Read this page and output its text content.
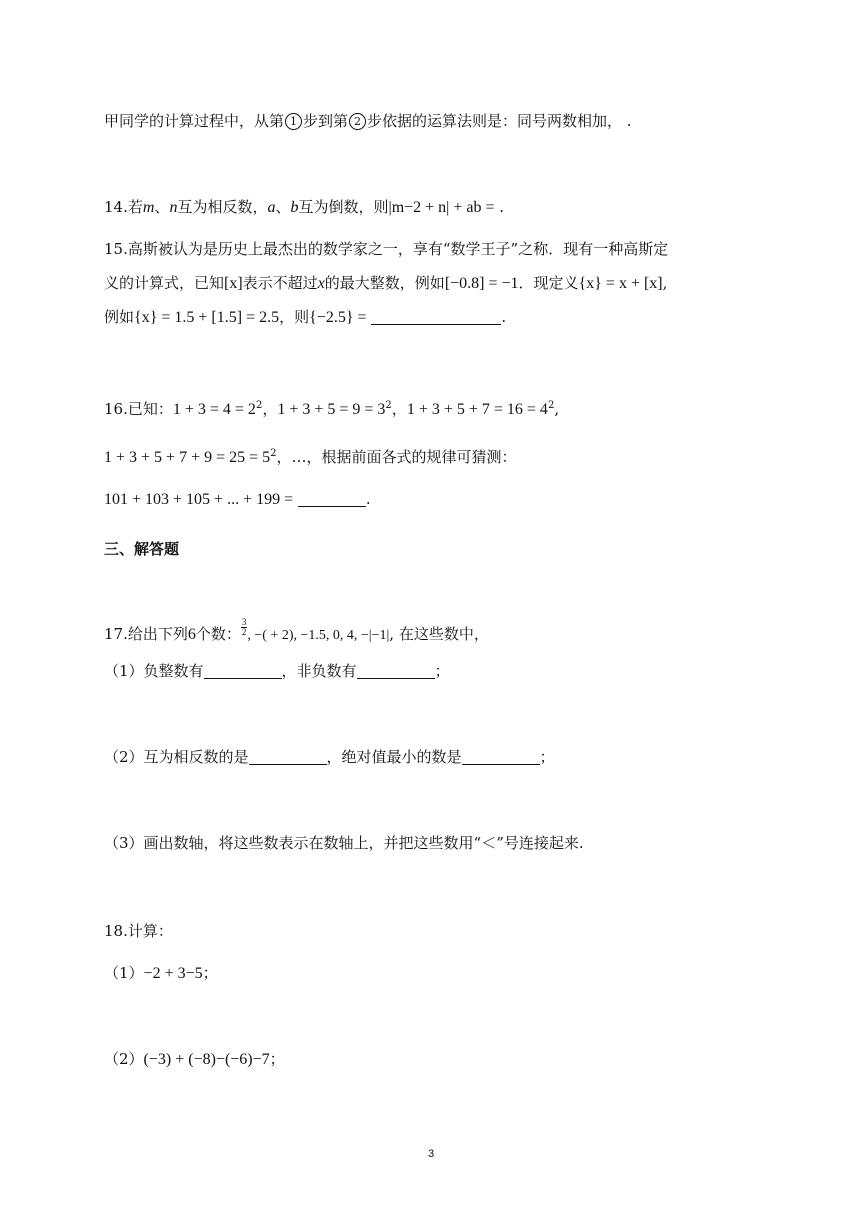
甲同学的计算过程中，从第 1 步到第 2 步依据的运算法则是：同号两数相加， .
14.若m、n互为相反数，a、b互为倒数，则|m−2 + n| + ab = .
15.高斯被认为是历史上最杰出的数学家之一，享有“数学王子”之称．现有一种高斯定
义的计算式，已知[x]表示不超过x的最大整数，例如[−0.8] = −1．现定义{x} = x + [x],
例如{x} = 1.5 + [1.5] = 2.5，则{−2.5} =	.
16.已知：$1 + 3 = 4 = 2^2$，$1 + 3 + 5 = 9 = 3^2$，$1 + 3 + 5 + 7 = 16 = 4^2$,
$1 + 3 + 5 + 7 + 9 = 25 = 5^2$，…，根据前面各式的规律可猜测：
101 + 103 + 105 + ... + 199 =	.
三、解答题
17.给出下列6个数： $\frac{3}{2}$ , −( + 2), −1.5, 0, 4, −|−1|, 在这些数中，
（1）负整数有	，非负数有	；
（2）互为相反数的是	，绝对值最小的数是	；
（3）画出数轴，将这些数表示在数轴上，并把这些数用“＜”号连接起来.
18.计算：
（1）−2 + 3−5；
（2）(−3) + (−8)−(−6)−7；
3
